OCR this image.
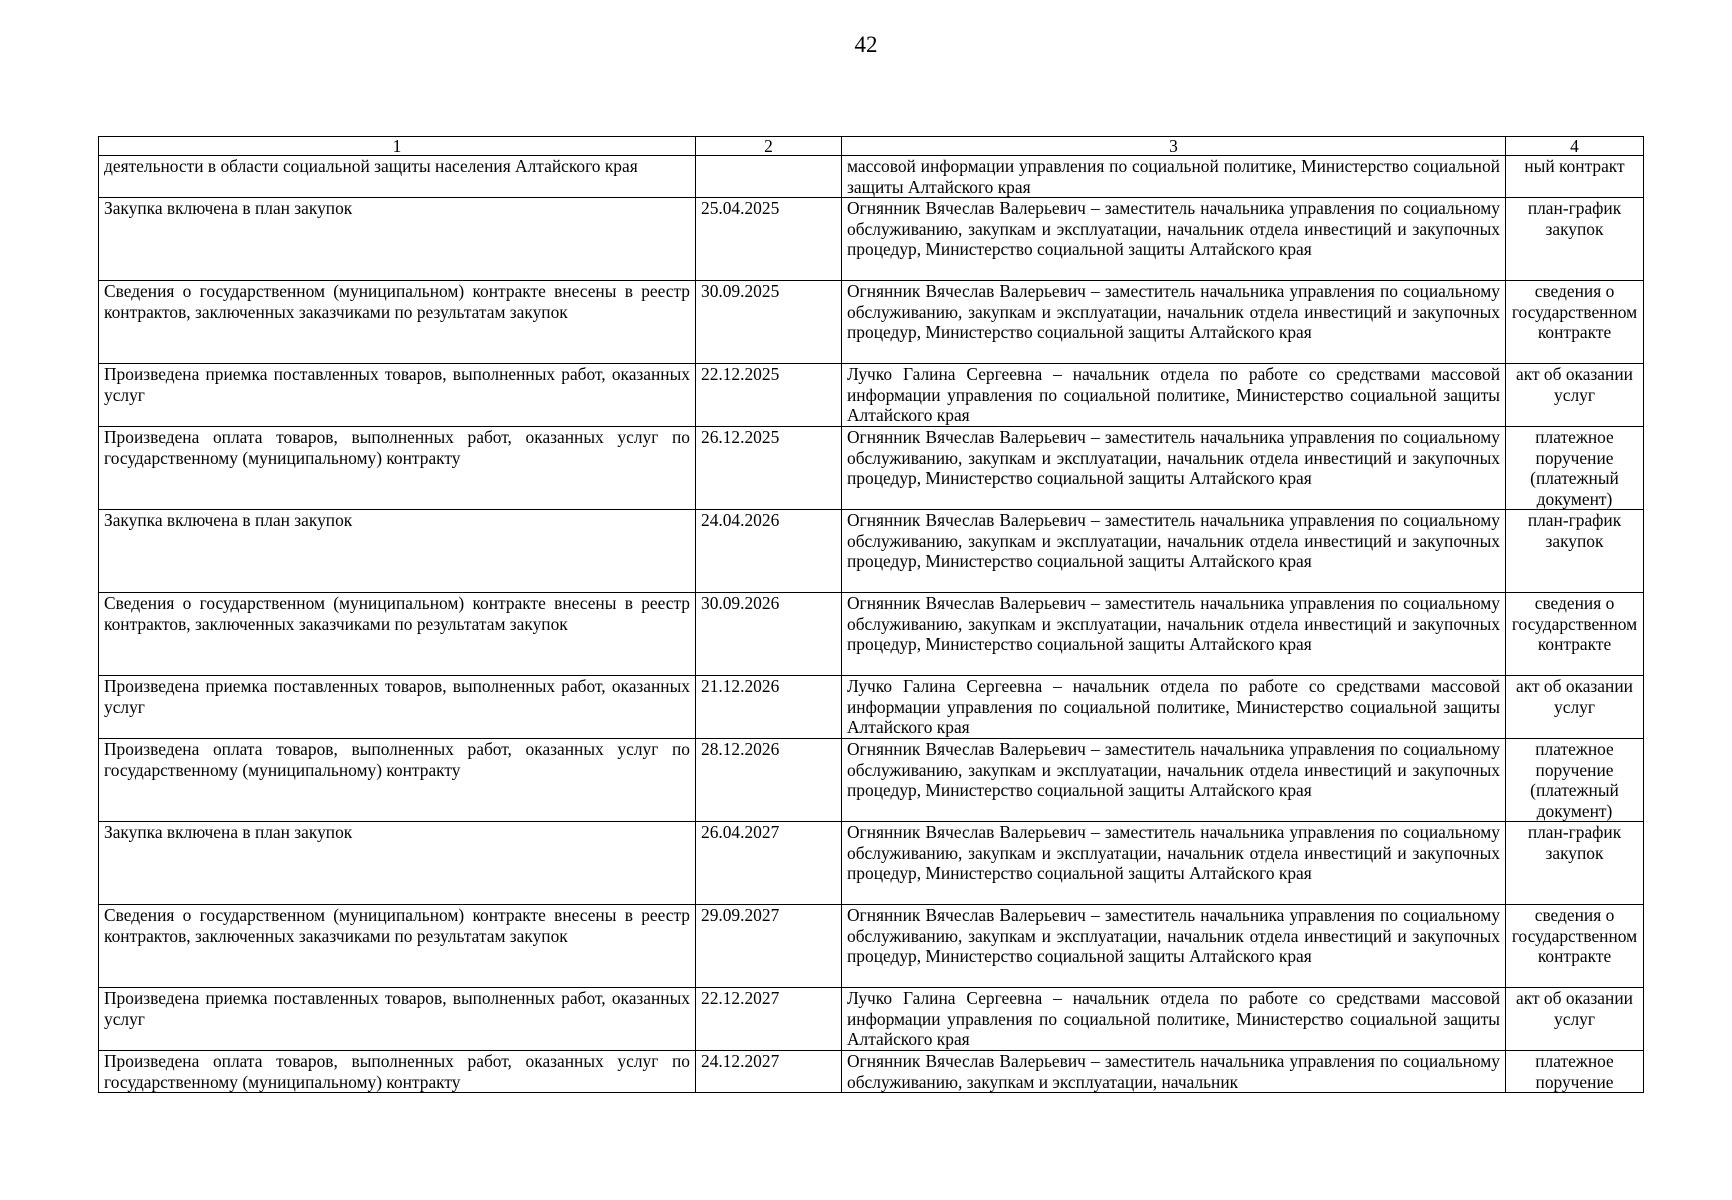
42
1	2	3	4
деятельности в области социальной защиты населения Алтайского края		массовой информации управления по социальной политике, Министерство социальной защиты Алтайского края	ный контракт
Закупка включена в план закупок	25.04.2025	Огнянник Вячеслав Валерьевич – заместитель начальника управления по социальному обслуживанию, закупкам и эксплуатации, начальник отдела инвестиций и закупочных процедур, Министерство социальной защиты Алтайского края	план-график закупок
Сведения о государственном (муниципальном) контракте внесены в реестр контрактов, заключенных заказчиками по результатам закупок	30.09.2025	Огнянник Вячеслав Валерьевич – заместитель начальника управления по социальному обслуживанию, закупкам и эксплуатации, начальник отдела инвестиций и закупочных процедур, Министерство социальной защиты Алтайского края	сведения о государственном контракте
Произведена приемка поставленных товаров, выполненных работ, оказанных услуг	22.12.2025	Лучко Галина Сергеевна – начальник отдела по работе со средствами массовой информации управления по социальной политике, Министерство социальной защиты Алтайского края	акт об оказании услуг
Произведена оплата товаров, выполненных работ, оказанных услуг по государственному (муниципальному) контракту	26.12.2025	Огнянник Вячеслав Валерьевич – заместитель начальника управления по социальному обслуживанию, закупкам и эксплуатации, начальник отдела инвестиций и закупочных процедур, Министерство социальной защиты Алтайского края	платежное поручение (платежный документ)
Закупка включена в план закупок	24.04.2026	Огнянник Вячеслав Валерьевич – заместитель начальника управления по социальному обслуживанию, закупкам и эксплуатации, начальник отдела инвестиций и закупочных процедур, Министерство социальной защиты Алтайского края	план-график закупок
Сведения о государственном (муниципальном) контракте внесены в реестр контрактов, заключенных заказчиками по результатам закупок	30.09.2026	Огнянник Вячеслав Валерьевич – заместитель начальника управления по социальному обслуживанию, закупкам и эксплуатации, начальник отдела инвестиций и закупочных процедур, Министерство социальной защиты Алтайского края	сведения о государственном контракте
Произведена приемка поставленных товаров, выполненных работ, оказанных услуг	21.12.2026	Лучко Галина Сергеевна – начальник отдела по работе со средствами массовой информации управления по социальной политике, Министерство социальной защиты Алтайского края	акт об оказании услуг
Произведена оплата товаров, выполненных работ, оказанных услуг по государственному (муниципальному) контракту	28.12.2026	Огнянник Вячеслав Валерьевич – заместитель начальника управления по социальному обслуживанию, закупкам и эксплуатации, начальник отдела инвестиций и закупочных процедур, Министерство социальной защиты Алтайского края	платежное поручение (платежный документ)
Закупка включена в план закупок	26.04.2027	Огнянник Вячеслав Валерьевич – заместитель начальника управления по социальному обслуживанию, закупкам и эксплуатации, начальник отдела инвестиций и закупочных процедур, Министерство социальной защиты Алтайского края	план-график закупок
Сведения о государственном (муниципальном) контракте внесены в реестр контрактов, заключенных заказчиками по результатам закупок	29.09.2027	Огнянник Вячеслав Валерьевич – заместитель начальника управления по социальному обслуживанию, закупкам и эксплуатации, начальник отдела инвестиций и закупочных процедур, Министерство социальной защиты Алтайского края	сведения о государственном контракте
Произведена приемка поставленных товаров, выполненных работ, оказанных услуг	22.12.2027	Лучко Галина Сергеевна – начальник отдела по работе со средствами массовой информации управления по социальной политике, Министерство социальной защиты Алтайского края	акт об оказании услуг
Произведена оплата товаров, выполненных работ, оказанных услуг по государственному (муниципальному) контракту	24.12.2027	Огнянник Вячеслав Валерьевич – заместитель начальника управления по социальному обслуживанию, закупкам и эксплуатации, начальник	платежное поручение
